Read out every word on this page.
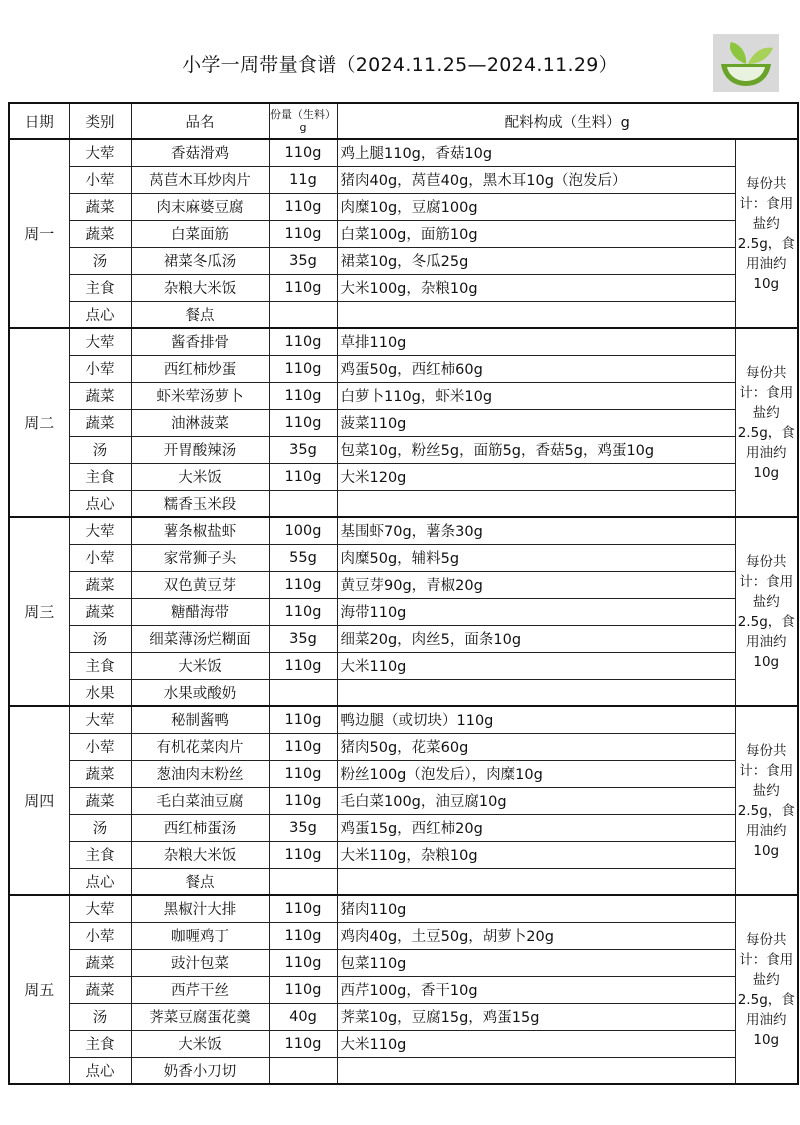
小学一周带量食谱（2024.11.25—2024.11.29）
日期	类别	品名	份量（生料）g	配料构成（生料）g	
周一	大荤	香菇滑鸡	110g	鸡上腿110g，香菇10g	每份共计：食用盐约2.5g，食用油约10g
	小荤	莴苣木耳炒肉片	11g	猪肉40g，莴苣40g，黑木耳10g（泡发后）	
	蔬菜	肉末麻婆豆腐	110g	肉糜10g，豆腐100g	
	蔬菜	白菜面筋	110g	白菜100g，面筋10g	
	汤	裙菜冬瓜汤	35g	裙菜10g，冬瓜25g	
	主食	杂粮大米饭	110g	大米100g，杂粮10g	
	点心	餐点			
周二	大荤	酱香排骨	110g	草排110g	每份共计：食用盐约2.5g，食用油约10g
	小荤	西红柿炒蛋	110g	鸡蛋50g，西红柿60g	
	蔬菜	虾米荤汤萝卜	110g	白萝卜110g，虾米10g	
	蔬菜	油淋菠菜	110g	菠菜110g	
	汤	开胃酸辣汤	35g	包菜10g，粉丝5g，面筋5g，香菇5g，鸡蛋10g	
	主食	大米饭	110g	大米120g	
	点心	糯香玉米段			
周三	大荤	薯条椒盐虾	100g	基围虾70g，薯条30g	每份共计：食用盐约2.5g，食用油约10g
	小荤	家常狮子头	55g	肉糜50g，辅料5g	
	蔬菜	双色黄豆芽	110g	黄豆芽90g，青椒20g	
	蔬菜	糖醋海带	110g	海带110g	
	汤	细菜薄汤烂糊面	35g	细菜20g，肉丝5，面条10g	
	主食	大米饭	110g	大米110g	
	水果	水果或酸奶			
周四	大荤	秘制酱鸭	110g	鸭边腿（或切块）110g	每份共计：食用盐约2.5g，食用油约10g
	小荤	有机花菜肉片	110g	猪肉50g，花菜60g	
	蔬菜	葱油肉末粉丝	110g	粉丝100g（泡发后），肉糜10g	
	蔬菜	毛白菜油豆腐	110g	毛白菜100g，油豆腐10g	
	汤	西红柿蛋汤	35g	鸡蛋15g，西红柿20g	
	主食	杂粮大米饭	110g	大米110g，杂粮10g	
	点心	餐点			
周五	大荤	黑椒汁大排	110g	猪肉110g	每份共计：食用盐约2.5g，食用油约10g
	小荤	咖喱鸡丁	110g	鸡肉40g，土豆50g，胡萝卜20g	
	蔬菜	豉汁包菜	110g	包菜110g	
	蔬菜	西芹干丝	110g	西芹100g，香干10g	
	汤	荠菜豆腐蛋花羹	40g	荠菜10g，豆腐15g，鸡蛋15g	
	主食	大米饭	110g	大米110g	
	点心	奶香小刀切			
